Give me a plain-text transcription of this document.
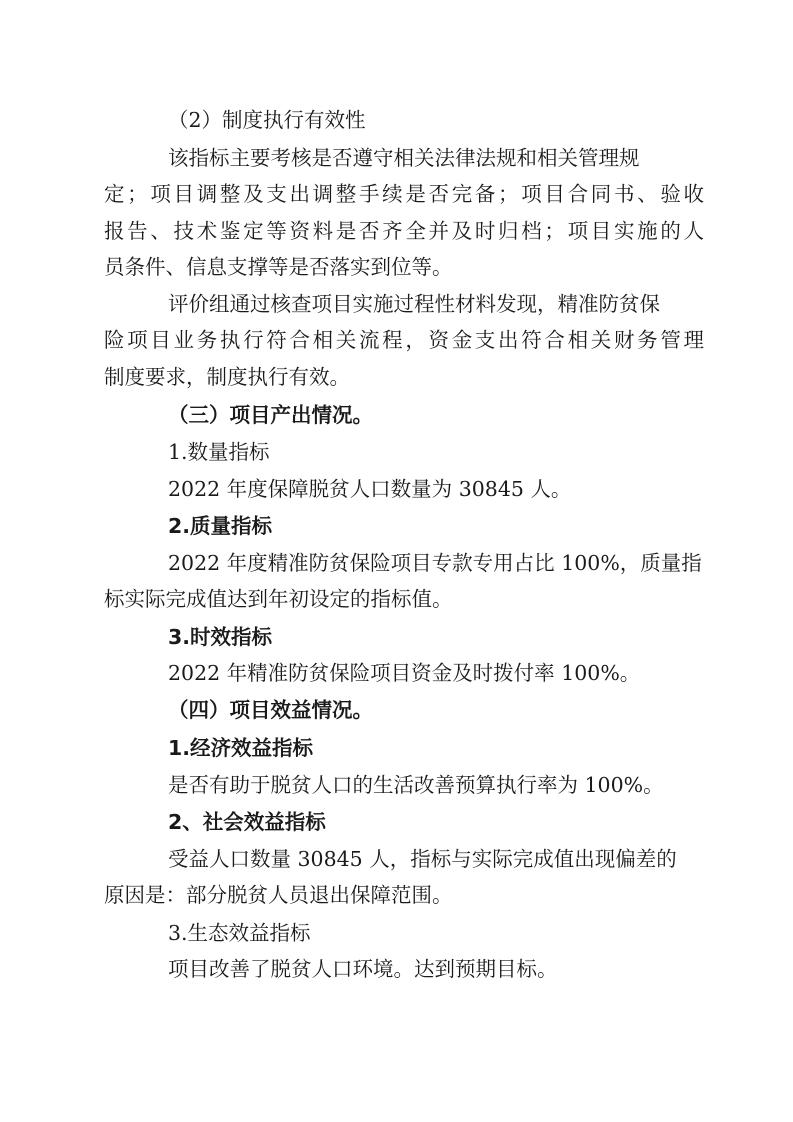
（2）制度执行有效性
该指标主要考核是否遵守相关法律法规和相关管理规
定；项目调整及支出调整手续是否完备；项目合同书、验收
报告、技术鉴定等资料是否齐全并及时归档；项目实施的人
员条件、信息支撑等是否落实到位等。
评价组通过核查项目实施过程性材料发现，精准防贫保
险项目业务执行符合相关流程，资金支出符合相关财务管理
制度要求，制度执行有效。
（三）项目产出情况。
1.数量指标
2022 年度保障脱贫人口数量为 30845 人。
2.质量指标
2022 年度精准防贫保险项目专款专用占比 100%，质量指
标实际完成值达到年初设定的指标值。
3.时效指标
2022 年精准防贫保险项目资金及时拨付率 100%。
（四）项目效益情况。
1.经济效益指标
是否有助于脱贫人口的生活改善预算执行率为 100%。
2、社会效益指标
受益人口数量 30845 人，指标与实际完成值出现偏差的
原因是：部分脱贫人员退出保障范围。
3.生态效益指标
项目改善了脱贫人口环境。达到预期目标。
